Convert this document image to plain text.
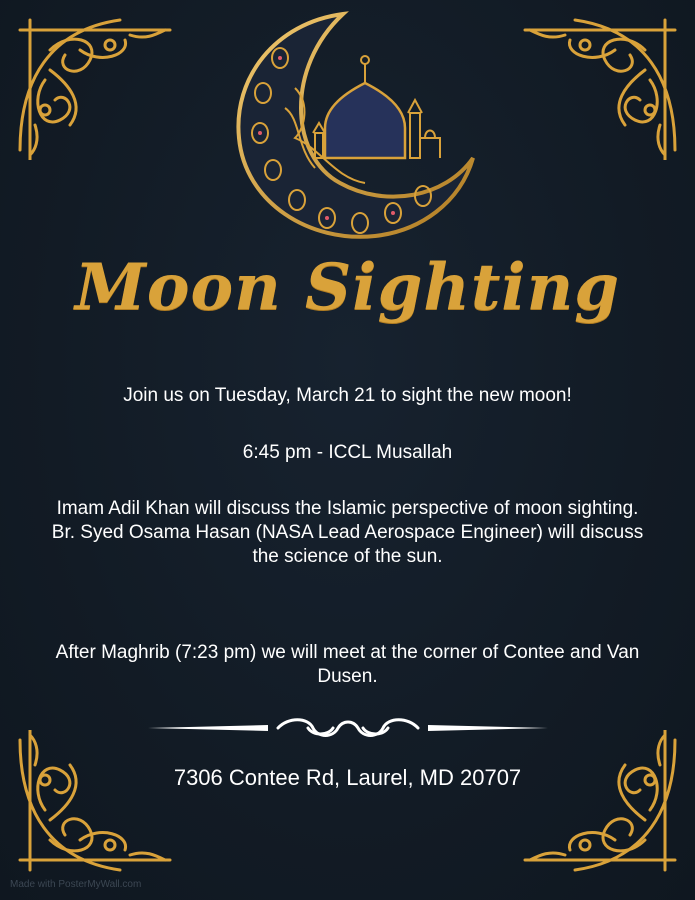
Moon Sighting
Join us on Tuesday, March 21 to sight the new moon!
6:45 pm - ICCL Musallah
Imam Adil Khan will discuss the Islamic perspective of moon sighting.
Br. Syed Osama Hasan (NASA Lead Aerospace Engineer) will discuss the science of the sun.
After Maghrib (7:23 pm) we will meet at the corner of Contee and Van Dusen.
7306 Contee Rd, Laurel, MD 20707
Made with PosterMyWall.com
